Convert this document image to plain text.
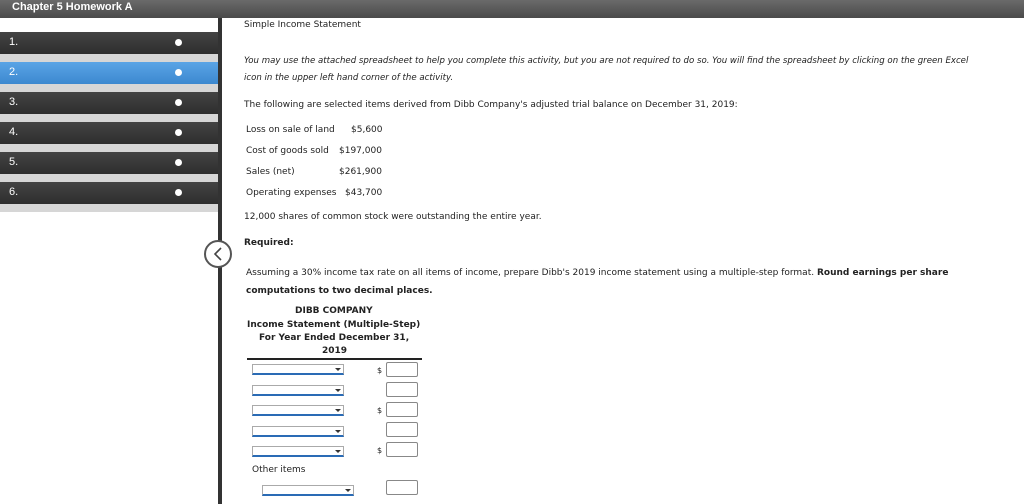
Chapter 5 Homework A
1.
2.
3.
4.
5.
6.
Simple Income Statement
You may use the attached spreadsheet to help you complete this activity, but you are not required to do so. You will find the spreadsheet by clicking on the green Excel
icon in the upper left hand corner of the activity.
The following are selected items derived from Dibb Company's adjusted trial balance on December 31, 2019:
Loss on sale of land $5,600
Cost of goods sold $197,000
Sales (net)	$261,900
Operating expenses $43,700
12,000 shares of common stock were outstanding the entire year.
Required:
Assuming a 30% income tax rate on all items of income, prepare Dibb's 2019 income statement using a multiple-step format. Round earnings per share
computations to two decimal places.
DIBB COMPANY
Income Statement (Multiple-Step)
For Year Ended December 31,
2019
$
$
$
Other items
